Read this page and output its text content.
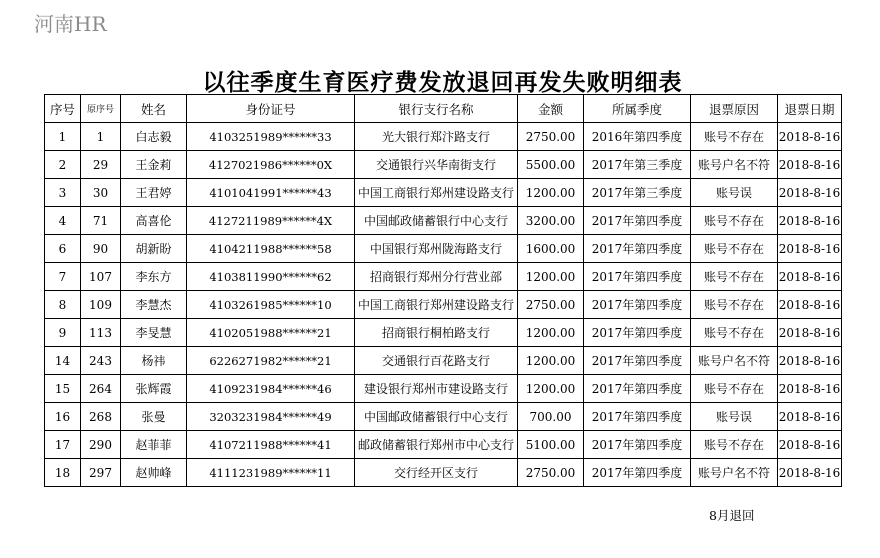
河南HR
以往季度生育医疗费发放退回再发失败明细表
序号	原序号	姓名	身份证号	银行支行名称	金额	所属季度	退票原因	退票日期
1	1	白志毅	4103251989******33	光大银行郑汴路支行	2750.00	2016年第四季度	账号不存在	2018-8-16
2	29	王金莉	4127021986******0X	交通银行兴华南街支行	5500.00	2017年第三季度	账号户名不符	2018-8-16
3	30	王君婷	4101041991******43	中国工商银行郑州建设路支行	1200.00	2017年第三季度	账号误	2018-8-16
4	71	高喜伦	4127211989******4X	中国邮政储蓄银行中心支行	3200.00	2017年第四季度	账号不存在	2018-8-16
6	90	胡新盼	4104211988******58	中国银行郑州陇海路支行	1600.00	2017年第四季度	账号不存在	2018-8-16
7	107	李东方	4103811990******62	招商银行郑州分行营业部	1200.00	2017年第四季度	账号不存在	2018-8-16
8	109	李慧杰	4103261985******10	中国工商银行郑州建设路支行	2750.00	2017年第四季度	账号不存在	2018-8-16
9	113	李旻慧	4102051988******21	招商银行桐柏路支行	1200.00	2017年第四季度	账号不存在	2018-8-16
14	243	杨祎	6226271982******21	交通银行百花路支行	1200.00	2017年第四季度	账号户名不符	2018-8-16
15	264	张辉霞	4109231984******46	建设银行郑州市建设路支行	1200.00	2017年第四季度	账号不存在	2018-8-16
16	268	张曼	3203231984******49	中国邮政储蓄银行中心支行	700.00	2017年第四季度	账号误	2018-8-16
17	290	赵菲菲	4107211988******41	邮政储蓄银行郑州市中心支行	5100.00	2017年第四季度	账号不存在	2018-8-16
18	297	赵帅峰	4111231989******11	交行经开区支行	2750.00	2017年第四季度	账号户名不符	2018-8-16
8月退回
